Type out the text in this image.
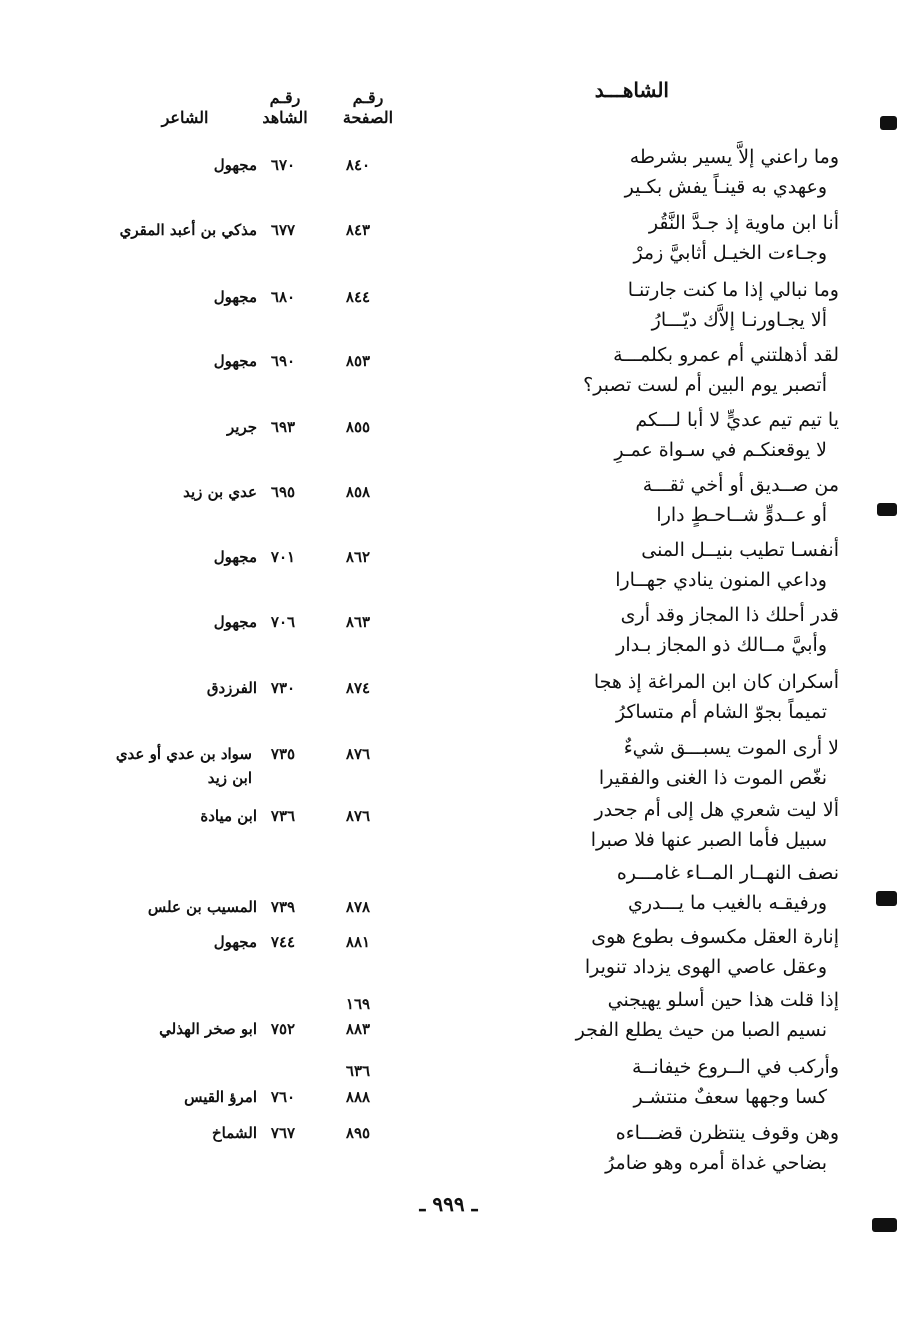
الشاهـــد
رقـم
الصفحة
رقـم
الشاهد
الشاعر
وما راعني إلاَّ يسير بشرطه
وعهدي به قينـاً يفش بكـير
٨٤٠
٦٧٠
مجهول
أنا ابن ماوية إذ جـدَّ النَّقُر
وجـاءت الخيـل أثابيَّ زمرْ
٨٤٣
٦٧٧
مذكي بن أعبد المقري
وما نبالي إذا ما كنت جارتنـا
ألا يجـاورنـا إلاَّك ديّـــارُ
٨٤٤
٦٨٠
مجهول
لقد أذهلتني أم عمرو بكلمـــة
أتصبر يوم البين أم لست تصبر؟
٨٥٣
٦٩٠
مجهول
يا تيم تيم عديٍّ لا أبا لـــكم
لا يوقعنكـم في سـواة عمـرِ
٨٥٥
٦٩٣
جرير
من صــديق أو أخي ثقـــة
أو عــدوٍّ شــاحـطٍ دارا
٨٥٨
٦٩٥
عدي بن زيد
أنفسـا تطيب بنيــل المنى
وداعي المنون ينادي جهــارا
٨٦٢
٧٠١
مجهول
قدر أحلك ذا المجاز وقد أرى
وأبيَّ مــالك ذو المجاز بـدار
٨٦٣
٧٠٦
مجهول
أسكران كان ابن المراغة إذ هجا
تميماً بجوّ الشام أم متساكرُ
٨٧٤
٧٣٠
الفرزدق
لا أرى الموت يسبـــق شيءٌ
نغّص الموت ذا الغنى والفقيرا
٨٧٦
٧٣٥
سواد بن عدي أو عدي ابن زيد
ألا ليت شعري هل إلى أم جحدر
سبيل فأما الصبر عنها فلا صبرا
٨٧٦
٧٣٦
ابن ميادة
نصف النهــار المــاء غامـــره
ورفيقـه بالغيب ما يـــدري
٨٧٨
٧٣٩
المسيب بن علس
إنارة العقل مكسوف بطوع هوى
وعقل عاصي الهوى يزداد تنويرا
٨٨١
٧٤٤
مجهول
إذا قلت هذا حين أسلو يهيجني
نسيم الصبا من حيث يطلع الفجر
١٦٩
٨٨٣
٧٥٢
ابو صخر الهذلي
وأركب في الــروع خيفانــة
كسا وجهها سعفٌ منتشـر
٦٣٦
٨٨٨
٧٦٠
امرؤ القيس
وهن وقوف ينتظرن قضـــاءه
بضاحي غداة أمره وهو ضامرُ
٨٩٥
٧٦٧
الشماخ
ـ ٩٩٩ ـ
